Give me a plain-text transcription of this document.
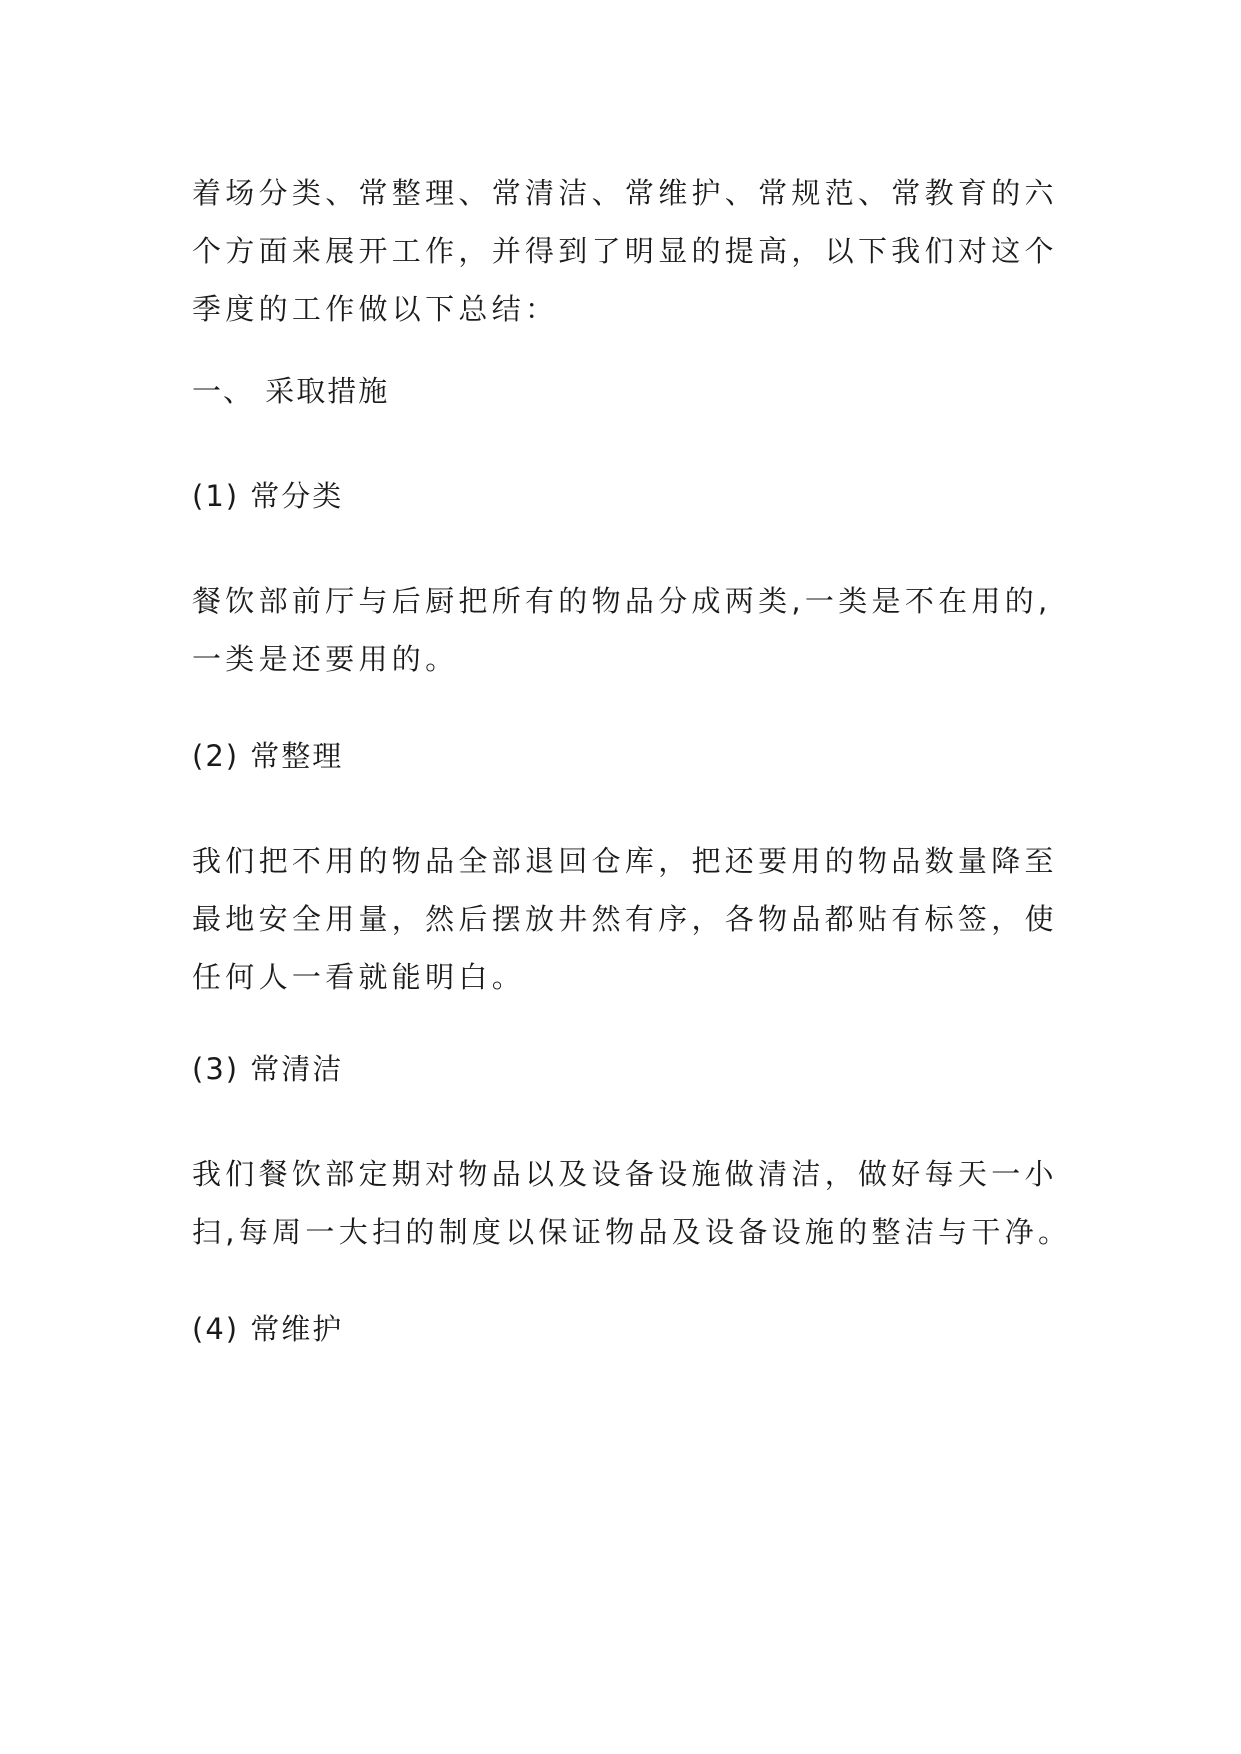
着场分类、常整理、常清洁、常维护、常规范、常教育的六
个方面来展开工作，并得到了明显的提高，以下我们对这个
季度的工作做以下总结：

一、 采取措施

(1) 常分类

餐饮部前厅与后厨把所有的物品分成两类,一类是不在用的,
一类是还要用的。

(2) 常整理

我们把不用的物品全部退回仓库，把还要用的物品数量降至
最地安全用量，然后摆放井然有序，各物品都贴有标签，使
任何人一看就能明白。

(3) 常清洁

我们餐饮部定期对物品以及设备设施做清洁，做好每天一小
扫,每周一大扫的制度以保证物品及设备设施的整洁与干净。

(4) 常维护
